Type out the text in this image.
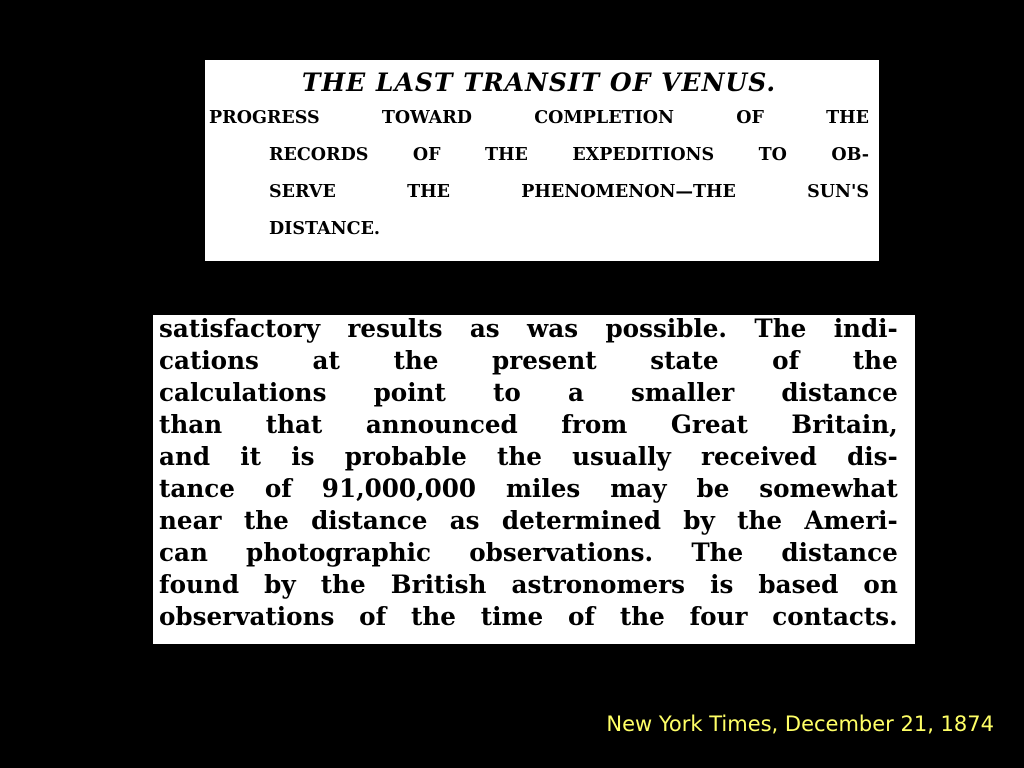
THE LAST TRANSIT OF VENUS.
PROGRESS TOWARD COMPLETION OF THE
RECORDS OF THE EXPEDITIONS TO OB-
SERVE THE PHENOMENON—THE SUN'S
DISTANCE.
satisfactory results as was possible. The indi-
cations at the present state of the
calculations point to a smaller distance
than that announced from Great Britain,
and it is probable the usually received dis-
tance of 91,000,000 miles may be somewhat
near the distance as determined by the Ameri-
can photographic observations. The distance
found by the British astronomers is based on
observations of the time of the four contacts.
New York Times, December 21, 1874
